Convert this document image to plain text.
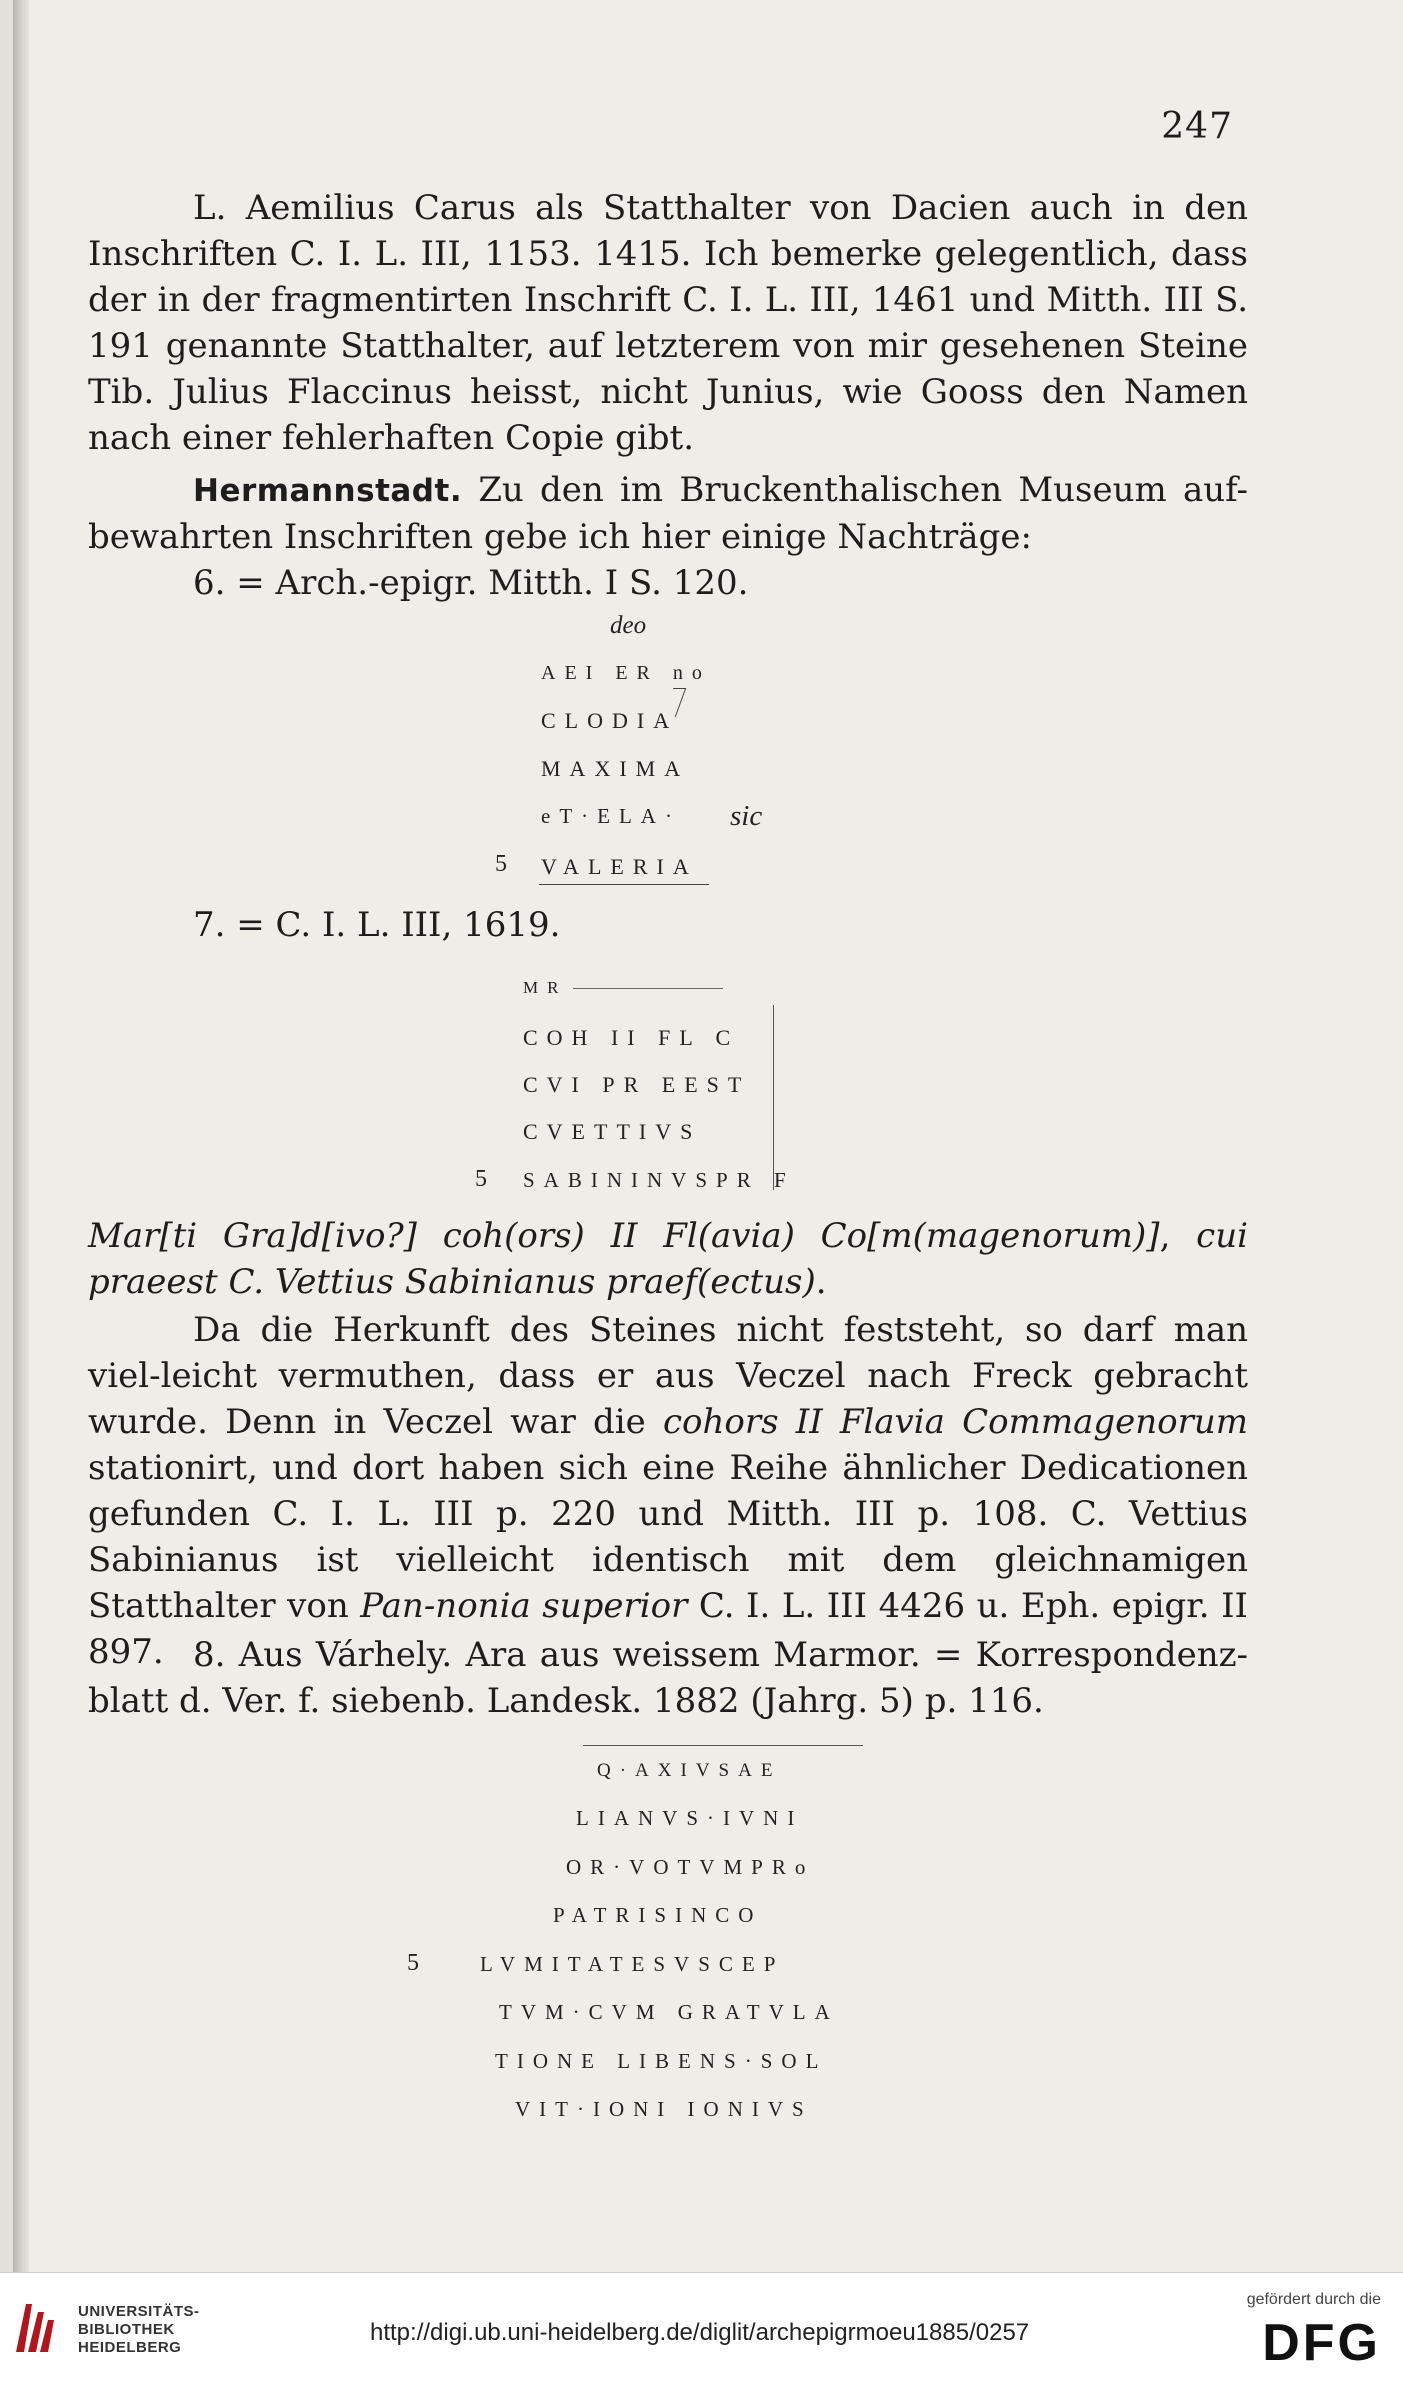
247

L. Aemilius Carus als Statthalter von Dacien auch in den

Inschriften C. I. L. III, 1153. 1415. Ich bemerke gelegentlich, dass der in der fragmentirten Inschrift C. I. L. III, 1461 und Mitth. III S. 191 genannte Statthalter, auf letzterem von mir gesehenen Steine Tib. Julius Flaccinus heisst, nicht Junius, wie Gooss den Namen nach einer fehlerhaften Copie gibt.

Hermannstadt. Zu den im Bruckenthalischen Museum auf-bewahrten Inschriften gebe ich hier einige Nachträge:

6. = Arch.-epigr. Mitth. I S. 120.

deo
AEI ER no
CLODIA
MAXIMA
eT·ELA· sic
5 VALERIA

7. = C. I. L. III, 1619.

MR
COH II FL C
CVI PR EEST
CVETTIVS
5 SABININVSPR F

Mar[ti Gra]d[ivo?] coh(ors) II Fl(avia) Co[m(magenorum)], cui praeest C. Vettius Sabinianus praef(ectus).

Da die Herkunft des Steines nicht feststeht, so darf man viel-leicht vermuthen, dass er aus Veczel nach Freck gebracht wurde. Denn in Veczel war die cohors II Flavia Commagenorum stationirt, und dort haben sich eine Reihe ähnlicher Dedicationen gefunden C. I. L. III p. 220 und Mitth. III p. 108. C. Vettius Sabinianus ist vielleicht identisch mit dem gleichnamigen Statthalter von Pan-nonia superior C. I. L. III 4426 u. Eph. epigr. II 897. 8. Aus Várhely. Ara aus weissem Marmor. = Korrespondenz-blatt d. Ver. f. siebenb. Landesk. 1882 (Jahrg. 5) p. 116.

Q·AXIVSAE
LIANVS·IVNI
OR·VOTVMPRo
PATRISINCO
5	LVMITATESVSCEP
TVM·CVM GRATVLA
TIONE LIBENS·SOL
VIT·IONI IONIVS
UNIVERSITÄTS-
BIBLIOTHEK
HEIDELBERG
http://digi.ub.uni-heidelberg.de/diglit/archepigrmoeu1885/0257
gefördert durch die
DFG
